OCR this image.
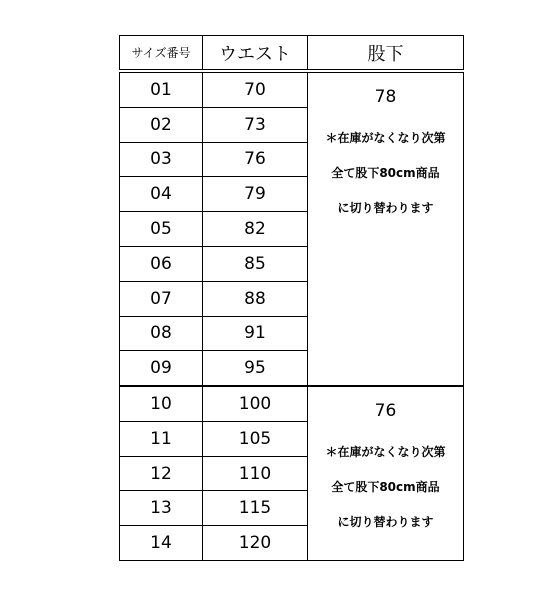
サイズ番号	ウエスト	股下
01	70	78
＊在庫がなくなり次第
全て股下80cm商品
に切り替わります

02	73	
03	76	
04	79	
05	82	
06	85	
07	88	
08	91	
09	95	
10	100	76
＊在庫がなくなり次第
全て股下80cm商品
に切り替わります

11	105	
12	110	
13	115	
14	120	
